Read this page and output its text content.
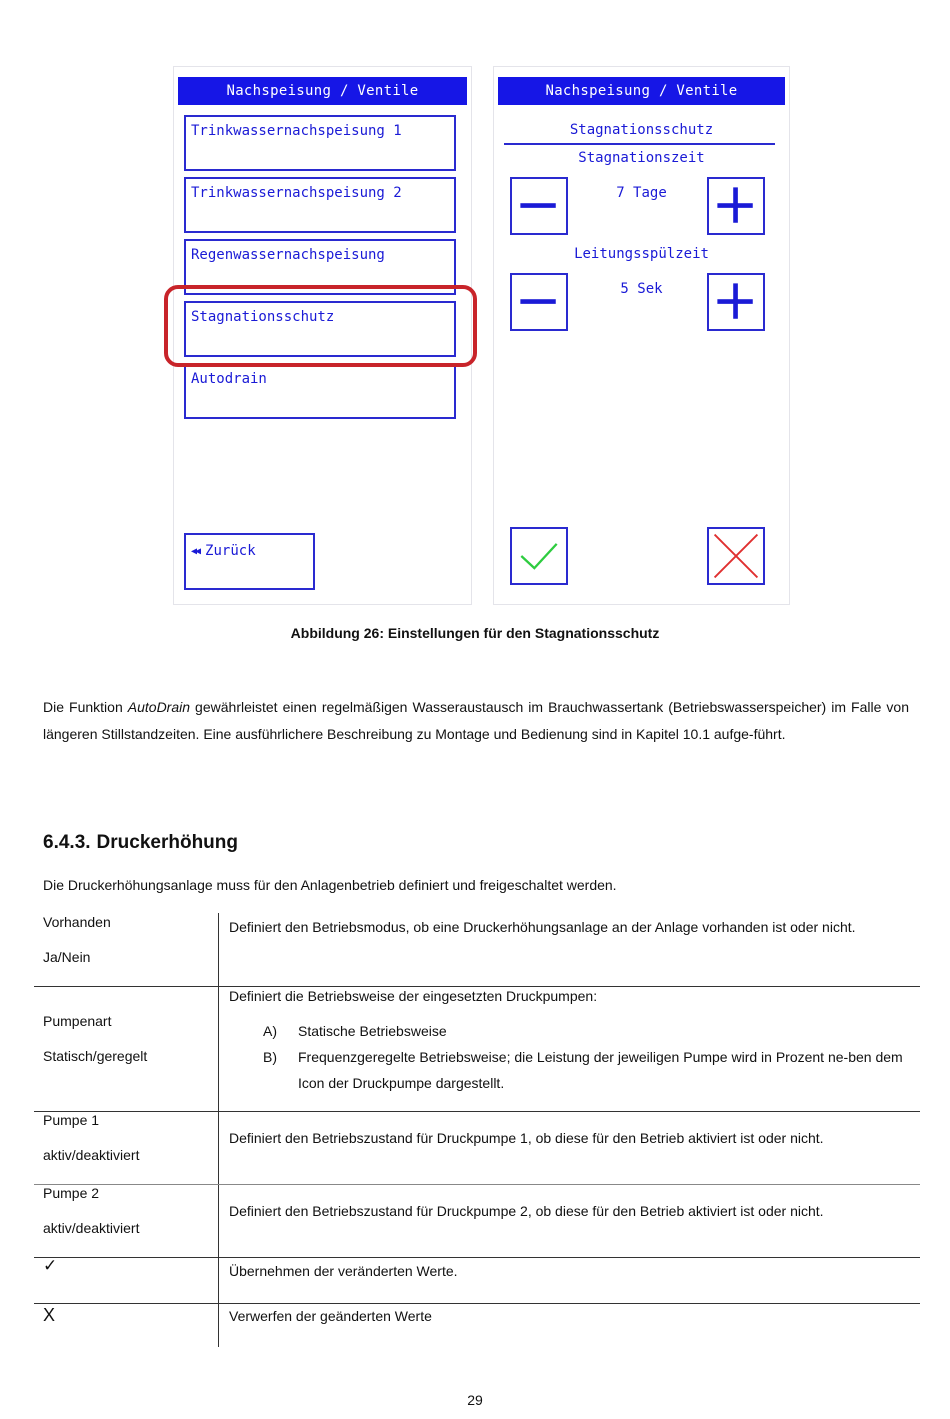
Nachspeisung / Ventile
Trinkwassernachspeisung 1
Trinkwassernachspeisung 2
Regenwassernachspeisung
Stagnationsschutz
Autodrain
◀◀ Zurück
Nachspeisung / Ventile
Stagnationsschutz
Stagnationszeit
7 Tage
Leitungsspülzeit
5 Sek
Abbildung 26: Einstellungen für den Stagnationsschutz

Die Funktion AutoDrain gewährleistet einen regelmäßigen Wasseraustausch im Brauchwassertank (Betriebswasserspeicher) im Falle von längeren Stillstandzeiten. Eine ausführlichere Beschreibung zu Montage und Bedienung sind in Kapitel 10.1 aufge-führt.

6.4.3. Druckerhöhung
Die Druckerhöhungsanlage muss für den Anlagenbetrieb definiert und freigeschaltet werden.
Vorhanden
Ja/Nein
Definiert den Betriebsmodus, ob eine Druckerhöhungsanlage an der Anlage vorhanden ist oder nicht.
Pumpenart
Statisch/geregelt
Definiert die Betriebsweise der eingesetzten Druckpumpen:
A) Statische Betriebsweise
B) Frequenzgeregelte Betriebsweise; die Leistung der jeweiligen Pumpe wird in Prozent ne-ben dem Icon der Druckpumpe dargestellt.
Pumpe 1
aktiv/deaktiviert
Definiert den Betriebszustand für Druckpumpe 1, ob diese für den Betrieb aktiviert ist oder nicht.
Pumpe 2
aktiv/deaktiviert
Definiert den Betriebszustand für Druckpumpe 2, ob diese für den Betrieb aktiviert ist oder nicht.
✓	Übernehmen der veränderten Werte.
X	Verwerfen der geänderten Werte
29
